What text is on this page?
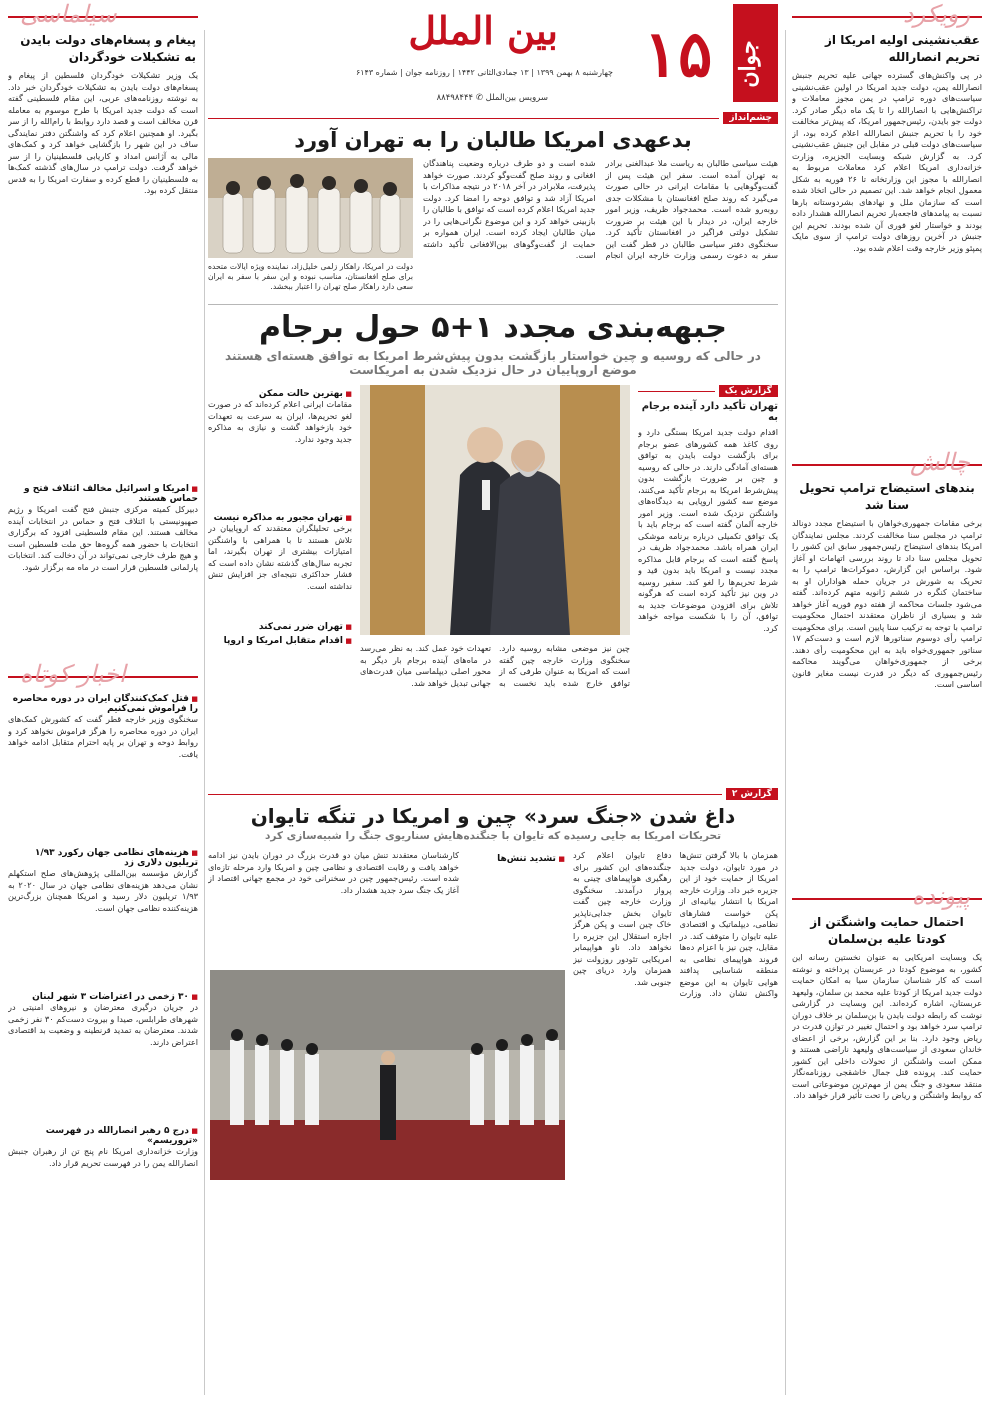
رویکرد
عقب‌نشینی اولیه امریکا از تحریم انصارالله
در پی واکنش‌های گسترده جهانی علیه تحریم جنبش انصارالله یمن، دولت جدید امریکا در اولین عقب‌نشینی سیاست‌های دوره ترامپ در یمن مجوز معاملات و تراکنش‌هایی با انصارالله را تا یک ماه دیگر صادر کرد. دولت جو بایدن، رئیس‌جمهور امریکا، که پیش‌تر مخالفت خود را با تحریم جنبش انصارالله اعلام کرده بود، از سیاست‌های دولت قبلی در مقابل این جنبش عقب‌نشینی کرد. به گزارش شبکه وبسایت الجزیره، وزارت خزانه‌داری امریکا اعلام کرد معاملات مربوط به انصارالله با مجوز این وزارتخانه تا ۲۶ فوریه به شکل معمول انجام خواهد شد. این تصمیم در حالی اتخاذ شده است که سازمان ملل و نهادهای بشردوستانه بارها نسبت به پیامدهای فاجعه‌بار تحریم انصارالله هشدار داده بودند و خواستار لغو فوری آن شده بودند. تحریم این جنبش در آخرین روزهای دولت ترامپ از سوی مایک پمپئو وزیر خارجه وقت اعلام شده بود.
چالش
بندهای استیضاح ترامپ تحویل سنا شد
برخی مقامات جمهوری‌خواهان با استیضاح مجدد دونالد ترامپ در مجلس سنا مخالفت کردند. مجلس نمایندگان امریکا بندهای استیضاح رئیس‌جمهور سابق این کشور را تحویل مجلس سنا داد تا روند بررسی اتهامات او آغاز شود. براساس این گزارش، دموکرات‌ها ترامپ را به تحریک به شورش در جریان حمله هواداران او به ساختمان کنگره در ششم ژانویه متهم کرده‌اند. گفته می‌شود جلسات محاکمه از هفته دوم فوریه آغاز خواهد شد و بسیاری از ناظران معتقدند احتمال محکومیت ترامپ با توجه به ترکیب سنا پایین است. برای محکومیت ترامپ رأی دوسوم سناتورها لازم است و دست‌کم ۱۷ سناتور جمهوری‌خواه باید به این محکومیت رأی دهند. برخی از جمهوری‌خواهان می‌گویند محاکمه رئیس‌جمهوری که دیگر در قدرت نیست مغایر قانون اساسی است.
پیونده
احتمال حمایت واشنگتن از کودتا علیه بن‌سلمان
یک وبسایت امریکایی به عنوان نخستین رسانه این کشور، به موضوع کودتا در عربستان پرداخته و نوشته است که کار شناسان سازمان سیا به امکان حمایت دولت جدید امریکا از کودتا علیه محمد بن سلمان، ولیعهد عربستان، اشاره کرده‌اند. این وبسایت در گزارشی نوشت که رابطه دولت بایدن با بن‌سلمان بر خلاف دوران ترامپ سرد خواهد بود و احتمال تغییر در توازن قدرت در ریاض وجود دارد. بنا بر این گزارش، برخی از اعضای خاندان سعودی از سیاست‌های ولیعهد ناراضی هستند و ممکن است واشنگتن از تحولات داخلی این کشور حمایت کند. پرونده قتل جمال خاشقجی روزنامه‌نگار منتقد سعودی و جنگ یمن از مهم‌ترین موضوعاتی است که روابط واشنگتن و ریاض را تحت تأثیر قرار خواهد داد.
جوان
۱۵
بين الملل
چهارشنبه ۸ بهمن ۱۳۹۹ | ۱۳ جمادی‌الثانی ۱۴۴۲ | روزنامه جوان | شماره ۶۱۴۳
سرویس بین‌الملل ✆ ۸۸۴۹۸۴۴۴
چشم‌انداز
بدعهدی امریکا طالبان را به تهران آورد
هیئت سیاسی طالبان به ریاست ملا عبدالغنی برادر به تهران آمده است. سفر این هیئت پس از گفت‌وگوهایی با مقامات ایرانی در حالی صورت می‌گیرد که روند صلح افغانستان با مشکلات جدی روبه‌رو شده است. محمدجواد ظریف، وزیر امور خارجه ایران، در دیدار با این هیئت بر ضرورت تشکیل دولتی فراگیر در افغانستان تأکید کرد. سخنگوی دفتر سیاسی طالبان در قطر گفت این سفر به دعوت رسمی وزارت خارجه ایران انجام شده است و دو طرف درباره وضعیت پناهندگان افغانی و روند صلح گفت‌وگو کردند. صورت خواهد پذیرفت، ملابرادر در آخر ۲۰۱۸ در نتیجه مذاکرات با امریکا آزاد شد و توافق دوحه را امضا کرد. دولت جدید امریکا اعلام کرده است که توافق با طالبان را بازبینی خواهد کرد و این موضوع نگرانی‌هایی را در میان طالبان ایجاد کرده است. ایران همواره بر حمایت از گفت‌وگوهای بین‌الافغانی تأکید داشته است.
دولت در امریکا، راهکار زلمی خلیل‌زاد، نماینده ویژه ایالات متحده برای صلح افغانستان، مناسب نبوده و این سفر با سفر به ایران سعی دارد راهکار صلح تهران را اعتبار ببخشد.
جبهه‌بندی مجدد ۱+۵ حول برجام
در حالی که روسیه و چین خواستار بازگشت بدون پیش‌شرط امریکا به توافق هسته‌ای هستند
موضع اروپاییان در حال نزدیک شدن به امریکاست
گزارش یک
تهران تأکید دارد آینده برجام به
اقدام دولت جدید امریکا بستگی دارد و روی کاغذ همه کشورهای عضو برجام برای بازگشت دولت بایدن به توافق هسته‌ای آمادگی دارند. در حالی که روسیه و چین بر ضرورت بازگشت بدون پیش‌شرط امریکا به برجام تأکید می‌کنند، موضع سه کشور اروپایی به دیدگاه‌های واشنگتن نزدیک شده است. وزیر امور خارجه آلمان گفته است که برجام باید با یک توافق تکمیلی درباره برنامه موشکی ایران همراه باشد. محمدجواد ظریف در پاسخ گفته است که برجام قابل مذاکره مجدد نیست و امریکا باید بدون قید و شرط تحریم‌ها را لغو کند. سفیر روسیه در وین نیز تأکید کرده است که هرگونه تلاش برای افزودن موضوعات جدید به توافق، آن را با شکست مواجه خواهد کرد.
چین نیز موضعی مشابه روسیه دارد. سخنگوی وزارت خارجه چین گفته است که امریکا به عنوان طرفی که از توافق خارج شده باید نخست به تعهدات خود عمل کند. به نظر می‌رسد در ماه‌های آینده برجام بار دیگر به محور اصلی دیپلماسی میان قدرت‌های جهانی تبدیل خواهد شد.
■ بهترین حالت ممکن
مقامات ایرانی اعلام کرده‌اند که در صورت لغو تحریم‌ها، ایران به سرعت به تعهدات خود بازخواهد گشت و نیازی به مذاکره جدید وجود ندارد.
■ تهران مجبور به مذاکره نیست
برخی تحلیلگران معتقدند که اروپاییان در تلاش هستند تا با همراهی با واشنگتن امتیازات بیشتری از تهران بگیرند، اما تجربه سال‌های گذشته نشان داده است که فشار حداکثری نتیجه‌ای جز افزایش تنش نداشته است.
■ تهران ضرر نمی‌کند
■ اقدام متقابل امریکا و اروپا
گزارش ۲
داغ شدن «جنگ سرد» چین و امریکا در تنگه تایوان
تحریکات امریکا به جایی رسیده که تایوان با جنگنده‌هایش سناریوی جنگ را شبیه‌سازی کرد
همزمان با بالا گرفتن تنش‌ها در مورد تایوان، دولت جدید امریکا از حمایت خود از این جزیره خبر داد. وزارت خارجه امریکا با انتشار بیانیه‌ای از پکن خواست فشارهای نظامی، دیپلماتیک و اقتصادی علیه تایوان را متوقف کند. در مقابل، چین نیز با اعزام ده‌ها فروند هواپیمای نظامی به منطقه شناسایی پدافند هوایی تایوان به این موضع واکنش نشان داد. وزارت دفاع تایوان اعلام کرد جنگنده‌های این کشور برای رهگیری هواپیماهای چینی به پرواز درآمدند. سخنگوی وزارت خارجه چین گفت تایوان بخش جدایی‌ناپذیر خاک چین است و پکن هرگز اجازه استقلال این جزیره را نخواهد داد. ناو هواپیمابر امریکایی تئودور روزولت نیز همزمان وارد دریای چین جنوبی شد.
■ تشدید تنش‌ها
کارشناسان معتقدند تنش میان دو قدرت بزرگ در دوران بایدن نیز ادامه خواهد یافت و رقابت اقتصادی و نظامی چین و امریکا وارد مرحله تازه‌ای شده است. رئیس‌جمهور چین در سخنرانی خود در مجمع جهانی اقتصاد از آغاز یک جنگ سرد جدید هشدار داد.
سیلماسی
پیغام و پسغام‌های دولت بایدن به تشکیلات خودگردان
یک وزیر تشکیلات خودگردان فلسطین از پیغام و پسغام‌های دولت بایدن به تشکیلات خودگردان خبر داد. به نوشته روزنامه‌های عربی، این مقام فلسطینی گفته است که دولت جدید امریکا با طرح موسوم به معامله قرن مخالف است و قصد دارد روابط با رام‌الله را از سر بگیرد. او همچنین اعلام کرد که واشنگتن دفتر نمایندگی ساف در این شهر را بازگشایی خواهد کرد و کمک‌های مالی به آژانس امداد و کاریابی فلسطینیان را از سر خواهد گرفت. دولت ترامپ در سال‌های گذشته کمک‌ها به فلسطینیان را قطع کرده و سفارت امریکا را به قدس منتقل کرده بود.
■ امریکا و اسرائیل مخالف ائتلاف فتح و حماس هستند
دبیرکل کمیته مرکزی جنبش فتح گفت امریکا و رژیم صهیونیستی با ائتلاف فتح و حماس در انتخابات آینده مخالف هستند. این مقام فلسطینی افزود که برگزاری انتخابات با حضور همه گروه‌ها حق ملت فلسطین است و هیچ طرف خارجی نمی‌تواند در آن دخالت کند. انتخابات پارلمانی فلسطین قرار است در ماه مه برگزار شود.
اخبار کوتاه
■ قتل کمک‌کنندگان ایران در دوره محاصره را فراموش نمی‌کنیم
سخنگوی وزیر خارجه قطر گفت که کشورش کمک‌های ایران در دوره محاصره را هرگز فراموش نخواهد کرد و روابط دوحه و تهران بر پایه احترام متقابل ادامه خواهد یافت.
■ هزینه‌های نظامی جهان رکورد ۱/۹۳ تریلیون دلاری زد
گزارش مؤسسه بین‌المللی پژوهش‌های صلح استکهلم نشان می‌دهد هزینه‌های نظامی جهان در سال ۲۰۲۰ به ۱/۹۳ تریلیون دلار رسید و امریکا همچنان بزرگ‌ترین هزینه‌کننده نظامی جهان است.
■ ۳۰ زخمی در اعتراضات ۳ شهر لبنان
در جریان درگیری معترضان و نیروهای امنیتی در شهرهای طرابلس، صیدا و بیروت دست‌کم ۳۰ نفر زخمی شدند. معترضان به تمدید قرنطینه و وضعیت بد اقتصادی اعتراض دارند.
■ درج ۵ رهبر انصارالله در فهرست «تروریسم»
وزارت خزانه‌داری امریکا نام پنج تن از رهبران جنبش انصارالله یمن را در فهرست تحریم قرار داد.
